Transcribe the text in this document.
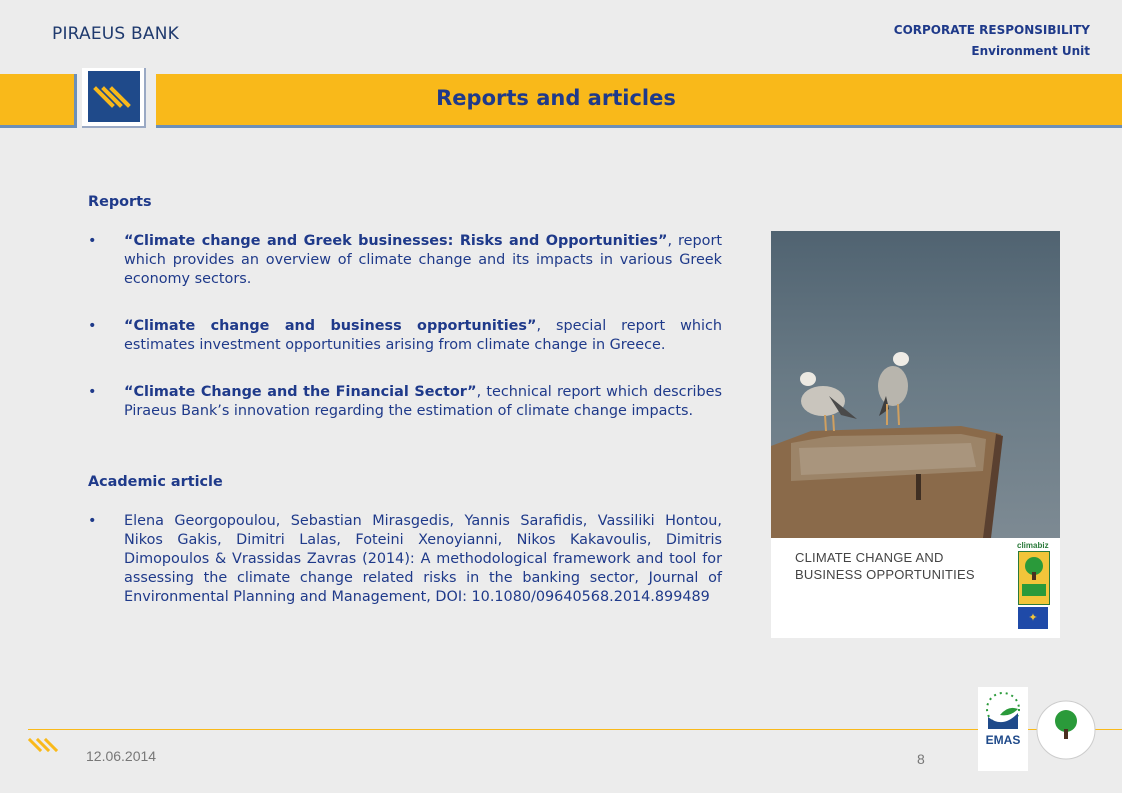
PIRAEUS BANK	CORPORATE RESPONSIBILITY
Environment Unit
Reports and articles

Reports

• “Climate change and Greek businesses: Risks and Opportunities”, report which provides an overview of climate change and its impacts in various Greek economy sectors.
• “Climate change and business opportunities”, special report which estimates investment opportunities arising from climate change in Greece.
• “Climate Change and the Financial Sector”, technical report which describes Piraeus Bank’s innovation regarding the estimation of climate change impacts.

Academic article

• Elena Georgopoulou, Sebastian Mirasgedis, Yannis Sarafidis, Vassiliki Hontou, Nikos Gakis, Dimitri Lalas, Foteini Xenoyianni, Nikos Kakavoulis, Dimitris Dimopoulos & Vrassidas Zavras (2014): A methodological framework and tool for assessing the climate change related risks in the banking sector, Journal of Environmental Planning and Management, DOI: 10.1080/09640568.2014.899489
CLIMATE CHANGE AND
BUSINESS OPPORTUNITIES
climabiz
✦
12.06.2014	8
EMAS
